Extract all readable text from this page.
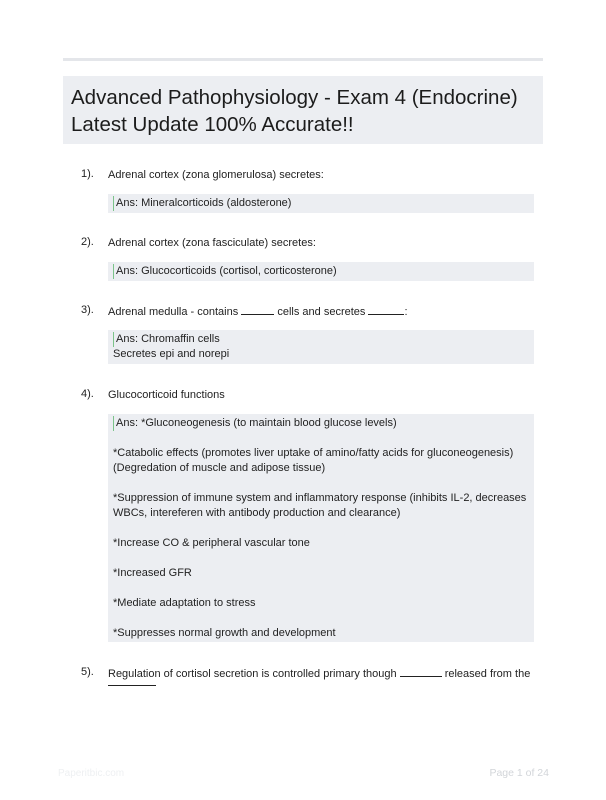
Advanced Pathophysiology - Exam 4 (Endocrine)
Latest Update 100% Accurate!!
1). Adrenal cortex (zona glomerulosa) secretes:

Ans: Mineralcorticoids (aldosterone)

2). Adrenal cortex (zona fasciculate) secretes:

Ans: Glucocorticoids (cortisol, corticosterone)

3). Adrenal medulla - contains	cells and secretes	:

Ans: Chromaffin cells

Secretes epi and norepi

4). Glucocorticoid functions

Ans: *Gluconeogenesis (to maintain blood glucose levels)

*Catabolic effects (promotes liver uptake of amino/fatty acids for gluconeogenesis)

(Degredation of muscle and adipose tissue)

*Suppression of immune system and inflammatory response (inhibits IL-2, decreases

WBCs, intereferen with antibody production and clearance)

*Increase CO & peripheral vascular tone

*Increased GFR

*Mediate adaptation to stress

*Suppresses normal growth and development

5). Regulation of cortisol secretion is controlled primary though	released from the
Paperitbic.com	Page 1 of 24
